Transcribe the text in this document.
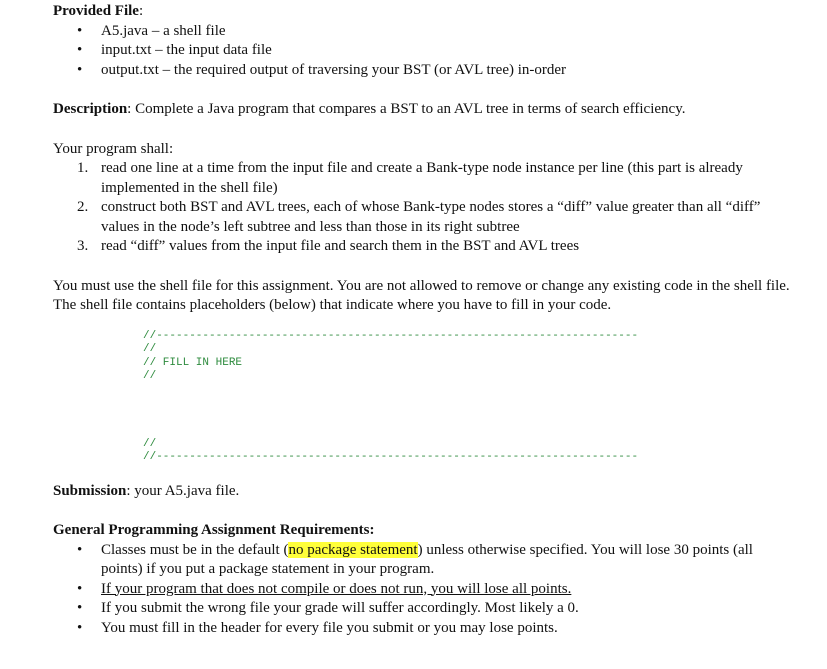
Provided File:
• A5.java – a shell file
• input.txt – the input data file
• output.txt – the required output of traversing your BST (or AVL tree) in-order
Description: Complete a Java program that compares a BST to an AVL tree in terms of search efficiency.
Your program shall:
1. read one line at a time from the input file and create a Bank-type node instance per line (this part is already implemented in the shell file)
2. construct both BST and AVL trees, each of whose Bank-type nodes stores a “diff” value greater than all “diff” values in the node’s left subtree and less than those in its right subtree
3. read “diff” values from the input file and search them in the BST and AVL trees
You must use the shell file for this assignment. You are not allowed to remove or change any existing code in the shell file. The shell file contains placeholders (below) that indicate where you have to fill in your code.
//-------------------------------------------------------------------------
//
// FILL IN HERE
//

//
//-------------------------------------------------------------------------
Submission: your A5.java file.
General Programming Assignment Requirements:
• Classes must be in the default (no package statement) unless otherwise specified. You will lose 30 points (all points) if you put a package statement in your program.
• If your program that does not compile or does not run, you will lose all points.
• If you submit the wrong file your grade will suffer accordingly. Most likely a 0.
• You must fill in the header for every file you submit or you may lose points.
